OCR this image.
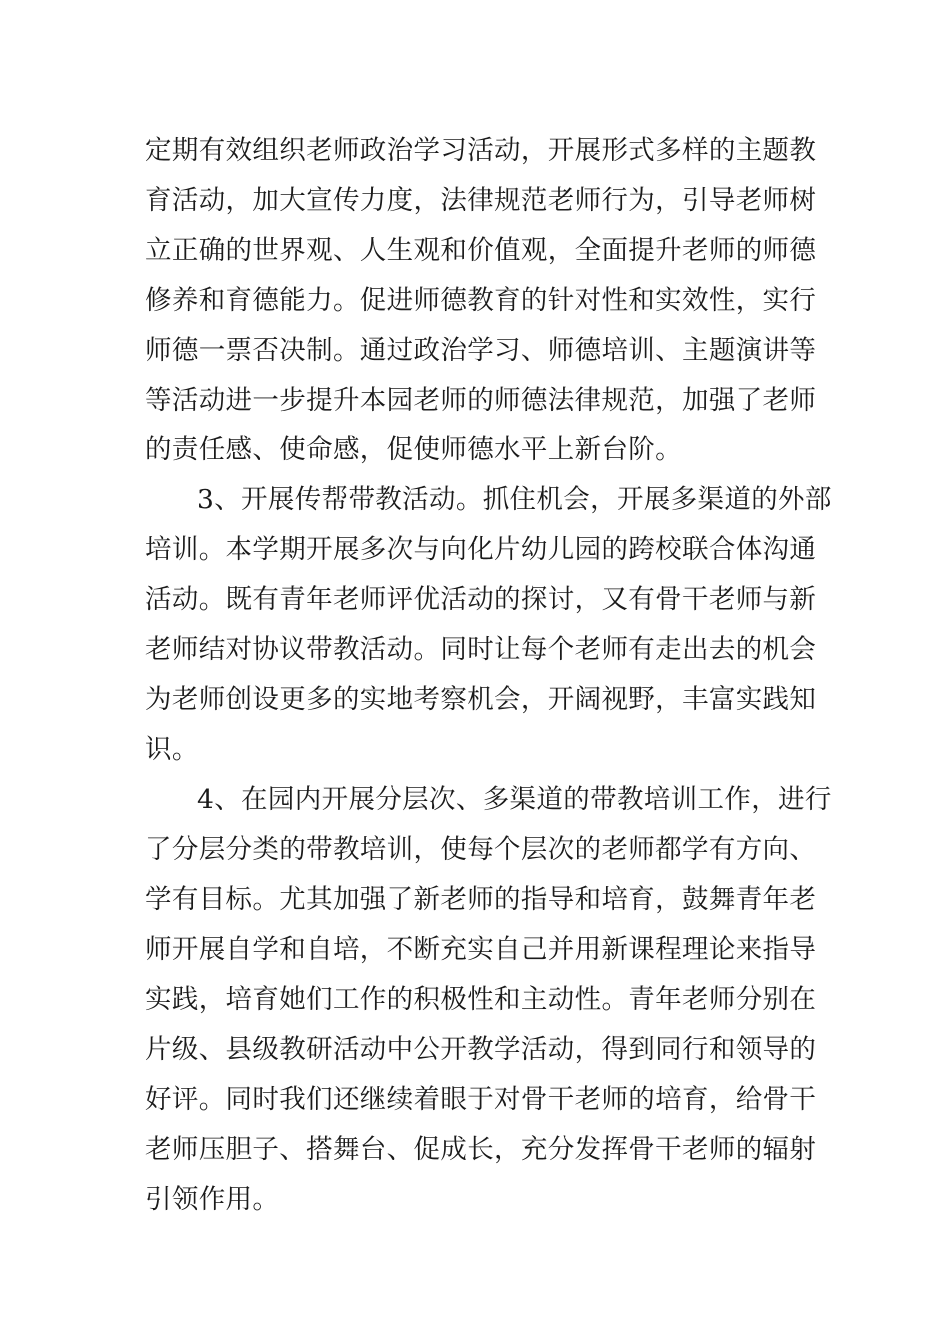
定期有效组织老师政治学习活动，开展形式多样的主题教
育活动，加大宣传力度，法律规范老师行为，引导老师树
立正确的世界观、人生观和价值观，全面提升老师的师德
修养和育德能力。促进师德教育的针对性和实效性，实行
师德一票否决制。通过政治学习、师德培训、主题演讲等
等活动进一步提升本园老师的师德法律规范，加强了老师
的责任感、使命感，促使师德水平上新台阶。
3、开展传帮带教活动。抓住机会，开展多渠道的外部
培训。本学期开展多次与向化片幼儿园的跨校联合体沟通
活动。既有青年老师评优活动的探讨，又有骨干老师与新
老师结对协议带教活动。同时让每个老师有走出去的机会
为老师创设更多的实地考察机会，开阔视野，丰富实践知
识。
4、在园内开展分层次、多渠道的带教培训工作，进行
了分层分类的带教培训，使每个层次的老师都学有方向、
学有目标。尤其加强了新老师的指导和培育，鼓舞青年老
师开展自学和自培，不断充实自己并用新课程理论来指导
实践，培育她们工作的积极性和主动性。青年老师分别在
片级、县级教研活动中公开教学活动，得到同行和领导的
好评。同时我们还继续着眼于对骨干老师的培育，给骨干
老师压胆子、搭舞台、促成长，充分发挥骨干老师的辐射
引领作用。
